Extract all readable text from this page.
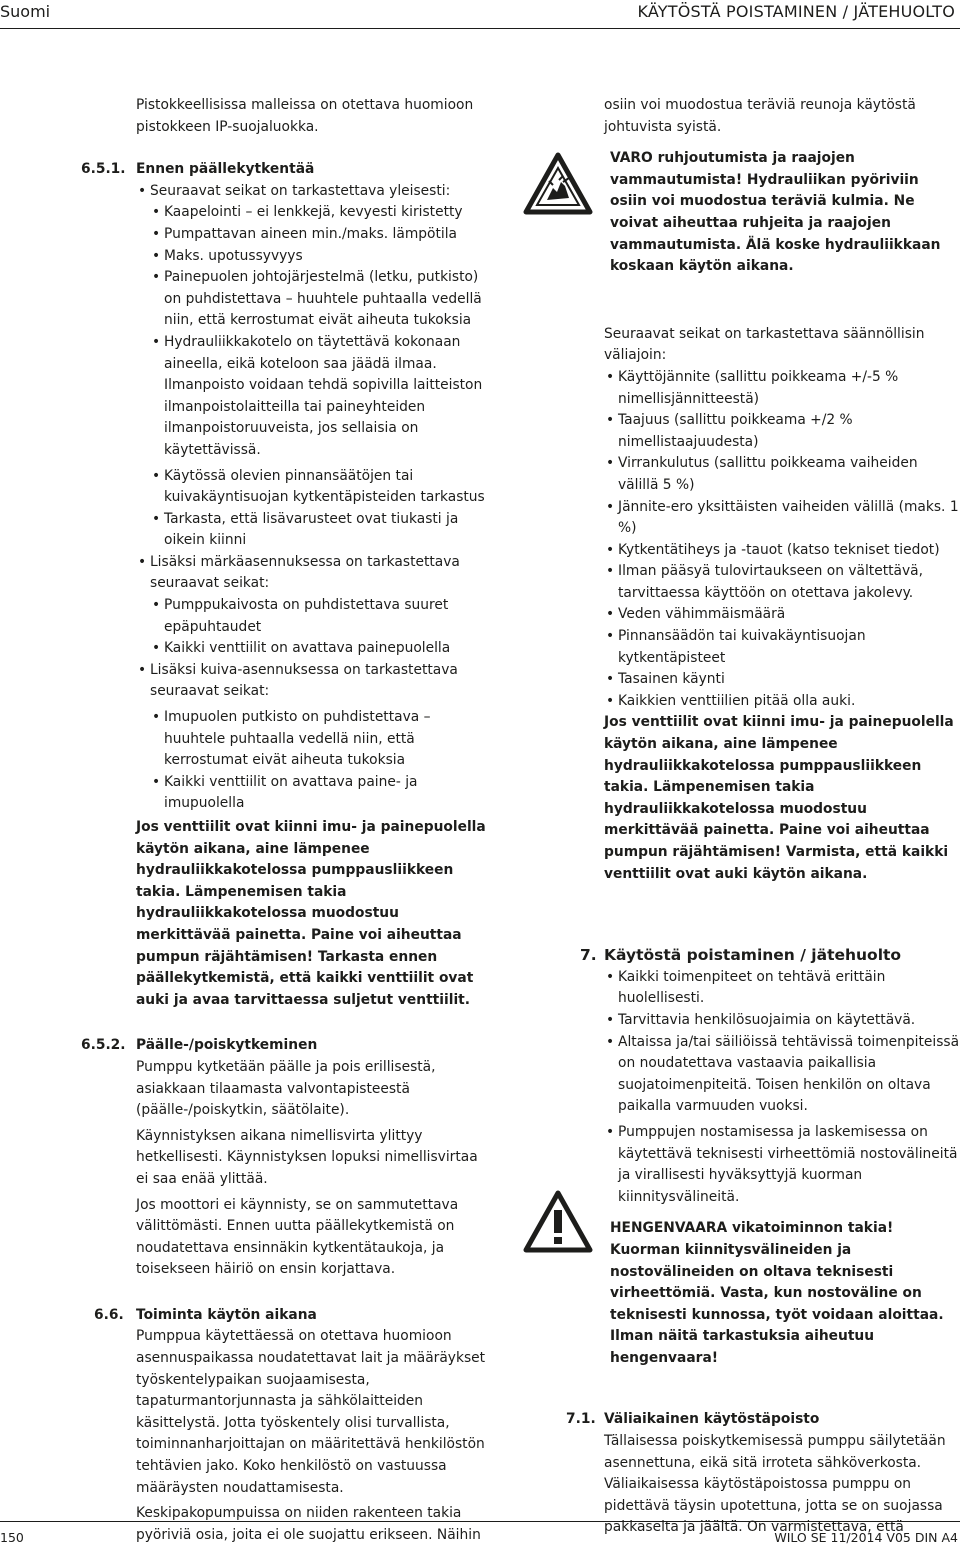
Suomi	KÄYTÖSTÄ POISTAMINEN / JÄTEHUOLTO

Pistokkeellisissa malleissa on otettava huomioon pistokkeen IP-suojaluokka.

6.5.1. Ennen päällekytkentää

• Seuraavat seikat on tarkastettava yleisesti:

• Kaapelointi – ei lenkkejä, kevyesti kiristetty

• Pumpattavan aineen min./maks. lämpötila

• Maks. upotussyvyys

• Painepuolen johtojärjestelmä (letku, putkisto) on puhdistettava – huuhtele puhtaalla vedellä niin, että kerrostumat eivät aiheuta tukoksia

• Hydrauliikkakotelo on täytettävä kokonaan aineella, eikä koteloon saa jäädä ilmaa. Ilmanpoisto voidaan tehdä sopivilla laitteiston ilmanpoistolaitteilla tai paineyhteiden ilmanpoistoruuveista, jos sellaisia on käytettävissä.

• Käytössä olevien pinnansäätöjen tai kuivakäyntisuojan kytkentäpisteiden tarkastus

• Tarkasta, että lisävarusteet ovat tiukasti ja oikein kiinni

• Lisäksi märkäasennuksessa on tarkastettava seuraavat seikat:

• Pumppukaivosta on puhdistettava suuret epäpuhtaudet

• Kaikki venttiilit on avattava painepuolella

• Lisäksi kuiva-asennuksessa on tarkastettava seuraavat seikat:

• Imupuolen putkisto on puhdistettava – huuhtele puhtaalla vedellä niin, että kerrostumat eivät aiheuta tukoksia

• Kaikki venttiilit on avattava paine- ja imupuolella

Jos venttiilit ovat kiinni imu- ja painepuolella käytön aikana, aine lämpenee hydrauliikkakotelossa pumppausliikkeen takia. Lämpenemisen takia hydrauliikkakotelossa muodostuu merkittävää painetta. Paine voi aiheuttaa pumpun räjähtämisen! Tarkasta ennen päällekytkemistä, että kaikki venttiilit ovat auki ja avaa tarvittaessa suljetut venttiilit.

6.5.2. Päälle-/poiskytkeminen

Pumppu kytketään päälle ja pois erillisestä, asiakkaan tilaamasta valvontapisteestä (päälle-/poiskytkin, säätölaite).

Käynnistyksen aikana nimellisvirta ylittyy hetkellisesti. Käynnistyksen lopuksi nimellisvirtaa ei saa enää ylittää.

Jos moottori ei käynnisty, se on sammutettava välittömästi. Ennen uutta päällekytkemistä on noudatettava ensinnäkin kytkentätaukoja, ja toisekseen häiriö on ensin korjattava.

6.6. Toiminta käytön aikana

Pumppua käytettäessä on otettava huomioon asennuspaikassa noudatettavat lait ja määräykset työskentelypaikan suojaamisesta, tapaturmantorjunnasta ja sähkölaitteiden käsittelystä. Jotta työskentely olisi turvallista, toiminnanharjoittajan on määritettävä henkilöstön tehtävien jako. Koko henkilöstö on vastuussa määräysten noudattamisesta.

Keskipakopumpuissa on niiden rakenteen takia pyöriviä osia, joita ei ole suojattu erikseen. Näihin

osiin voi muodostua teräviä reunoja käytöstä johtuvista syistä.

VARO ruhjoutumista ja raajojen vammautumista! Hydrauliikan pyöriviin osiin voi muodostua teräviä kulmia. Ne voivat aiheuttaa ruhjeita ja raajojen vammautumista. Älä koske hydrauliikkaan koskaan käytön aikana.

Seuraavat seikat on tarkastettava säännöllisin väliajoin:

• Käyttöjännite (sallittu poikkeama +/-5 % nimellisjännitteestä)

• Taajuus (sallittu poikkeama +/2 % nimellistaajuudesta)

• Virrankulutus (sallittu poikkeama vaiheiden välillä 5 %)

• Jännite-ero yksittäisten vaiheiden välillä (maks. 1 %)

• Kytkentätiheys ja -tauot (katso tekniset tiedot)

• Ilman pääsyä tulovirtaukseen on vältettävä, tarvittaessa käyttöön on otettava jakolevy.

• Veden vähimmäismäärä

• Pinnansäädön tai kuivakäyntisuojan kytkentäpisteet

• Tasainen käynti

• Kaikkien venttiilien pitää olla auki.

Jos venttiilit ovat kiinni imu- ja painepuolella käytön aikana, aine lämpenee hydrauliikkakotelossa pumppausliikkeen takia. Lämpenemisen takia hydrauliikkakotelossa muodostuu merkittävää painetta. Paine voi aiheuttaa pumpun räjähtämisen! Varmista, että kaikki venttiilit ovat auki käytön aikana.

7. Käytöstä poistaminen / jätehuolto

• Kaikki toimenpiteet on tehtävä erittäin huolellisesti.

• Tarvittavia henkilösuojaimia on käytettävä.

• Altaissa ja/tai säiliöissä tehtävissä toimenpiteissä on noudatettava vastaavia paikallisia suojatoimenpiteitä. Toisen henkilön on oltava paikalla varmuuden vuoksi.

• Pumppujen nostamisessa ja laskemisessa on käytettävä teknisesti virheettömiä nostovälineitä ja virallisesti hyväksyttyjä kuorman kiinnitysvälineitä.

HENGENVAARA vikatoiminnon takia! Kuorman kiinnitysvälineiden ja nostovälineiden on oltava teknisesti virheettömiä. Vasta, kun nostoväline on teknisesti kunnossa, työt voidaan aloittaa. Ilman näitä tarkastuksia aiheutuu hengenvaara!

7.1. Väliaikainen käytöstäpoisto

Tällaisessa poiskytkemisessä pumppu säilytetään asennettuna, eikä sitä irroteta sähköverkosta. Väliaikaisessa käytöstäpoistossa pumppu on pidettävä täysin upotettuna, jotta se on suojassa pakkaselta ja jäältä. On varmistettava, että

150	WILO SE 11/2014 V05 DIN A4
